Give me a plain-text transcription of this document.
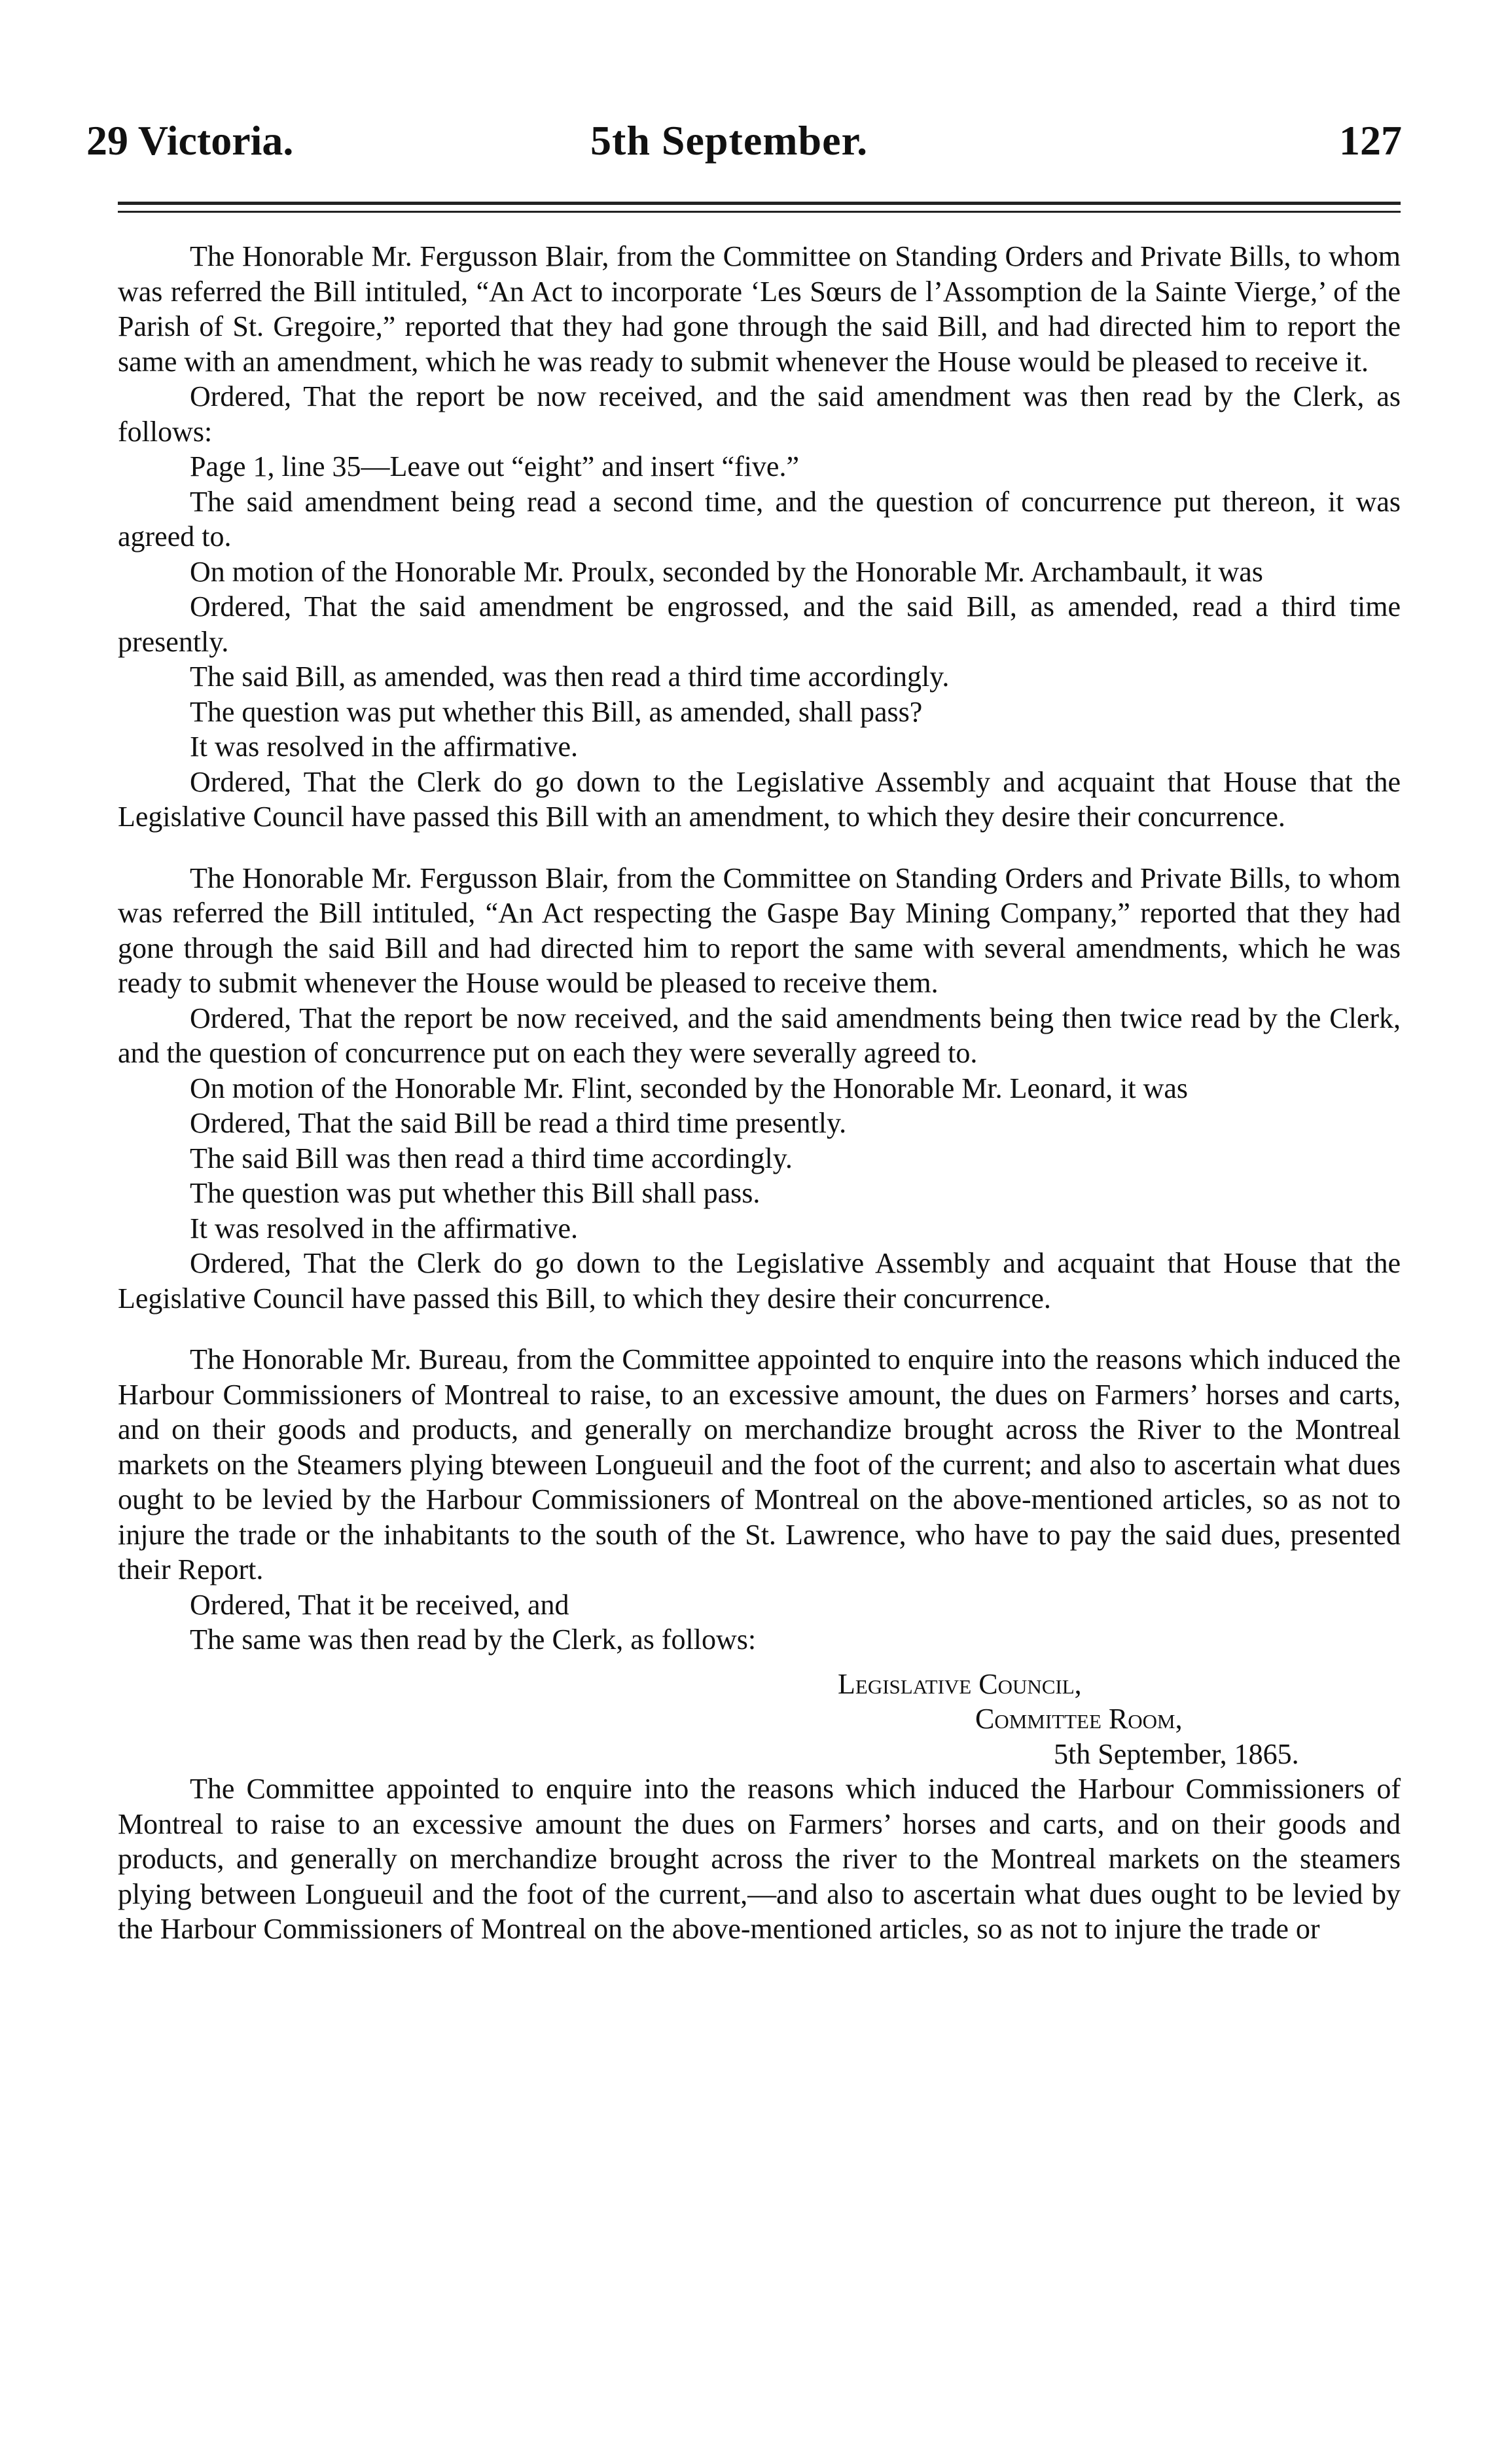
29 Victoria.	5th September.	127

The Honorable Mr. Fergusson Blair, from the Committee on Standing Orders and Private Bills, to whom was referred the Bill intituled, “An Act to incorporate ‘Les Sœurs de l’Assomption de la Sainte Vierge,’ of the Parish of St. Gregoire,” reported that they had gone through the said Bill, and had directed him to report the same with an amendment, which he was ready to submit whenever the House would be pleased to receive it.

Ordered, That the report be now received, and the said amendment was then read by the Clerk, as follows:

Page 1, line 35—Leave out “eight” and insert “five.”

The said amendment being read a second time, and the question of concurrence put thereon, it was agreed to.

On motion of the Honorable Mr. Proulx, seconded by the Honorable Mr. Archambault, it was

Ordered, That the said amendment be engrossed, and the said Bill, as amended, read a third time presently.

The said Bill, as amended, was then read a third time accordingly.

The question was put whether this Bill, as amended, shall pass?

It was resolved in the affirmative.

Ordered, That the Clerk do go down to the Legislative Assembly and acquaint that House that the Legislative Council have passed this Bill with an amendment, to which they desire their concurrence.

The Honorable Mr. Fergusson Blair, from the Committee on Standing Orders and Private Bills, to whom was referred the Bill intituled, “An Act respecting the Gaspe Bay Mining Company,” reported that they had gone through the said Bill and had directed him to report the same with several amendments, which he was ready to submit whenever the House would be pleased to receive them.

Ordered, That the report be now received, and the said amendments being then twice read by the Clerk, and the question of concurrence put on each they were severally agreed to.

On motion of the Honorable Mr. Flint, seconded by the Honorable Mr. Leonard, it was

Ordered, That the said Bill be read a third time presently.

The said Bill was then read a third time accordingly.

The question was put whether this Bill shall pass.

It was resolved in the affirmative.

Ordered, That the Clerk do go down to the Legislative Assembly and acquaint that House that the Legislative Council have passed this Bill, to which they desire their concurrence.

The Honorable Mr. Bureau, from the Committee appointed to enquire into the reasons which induced the Harbour Commissioners of Montreal to raise, to an excessive amount, the dues on Farmers’ horses and carts, and on their goods and products, and generally on merchandize brought across the River to the Montreal markets on the Steamers plying bteween Longueuil and the foot of the current; and also to ascertain what dues ought to be levied by the Harbour Commissioners of Montreal on the above-mentioned articles, so as not to injure the trade or the inhabitants to the south of the St. Lawrence, who have to pay the said dues, presented their Report.

Ordered, That it be received, and

The same was then read by the Clerk, as follows:

Legislative Council,
Committee Room,
5th September, 1865.

The Committee appointed to enquire into the reasons which induced the Harbour Commissioners of Montreal to raise to an excessive amount the dues on Farmers’ horses and carts, and on their goods and products, and generally on merchandize brought across the river to the Montreal markets on the steamers plying between Longueuil and the foot of the current,—and also to ascertain what dues ought to be levied by the Harbour Commissioners of Montreal on the above-mentioned articles, so as not to injure the trade or
